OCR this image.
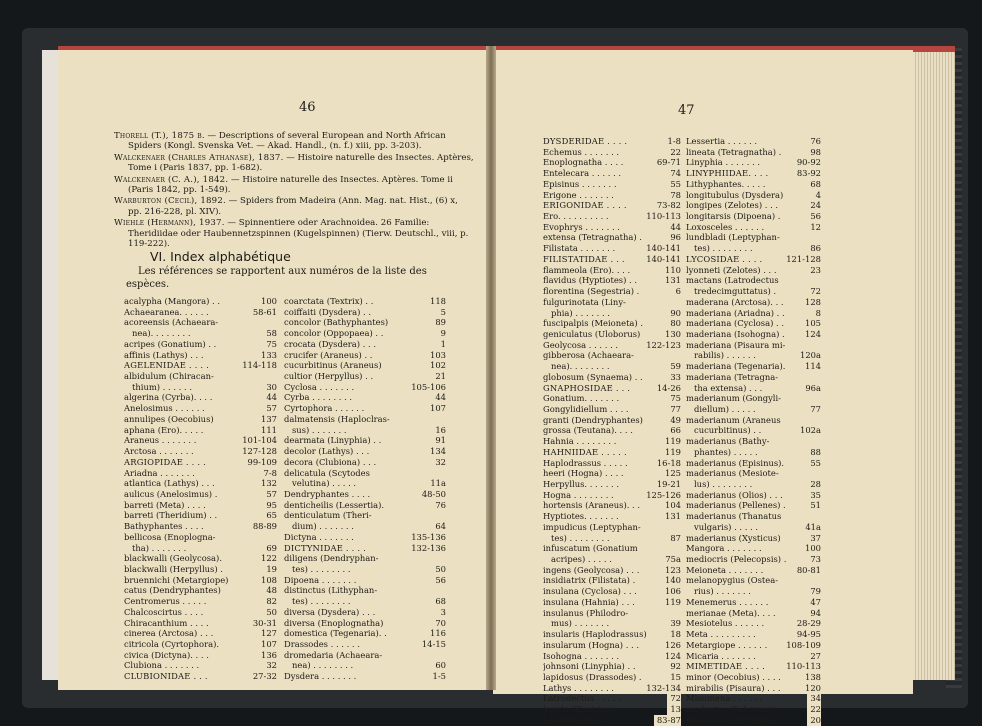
46	47

Thorell (T.), 1875 b. — Descriptions of several European and North African Spiders (Kongl. Svenska Vet. — Akad. Handl., (n. f.) xiii, pp. 3-203).

Walckenaer (Charles Athanase), 1837. — Histoire naturelle des Insectes. Aptères, Tome i (Paris 1837, pp. 1-682).

Walckenaer (C. A.), 1842. — Histoire naturelle des Insectes. Aptères. Tome ii (Paris 1842, pp. 1-549).

Warburton (Cecil), 1892. — Spiders from Madeira (Ann. Mag. nat. Hist., (6) x, pp. 216-228, pl. XIV).

Wiehle (Hermann), 1937. — Spinnentiere oder Arachnoidea. 26 Familie: Theridiidae oder Haubennetzspinnen (Kugelspinnen) (Tierw. Deutschl., viii, p. 119-222).

VI. Index alphabétique
Les références se rapportent aux numéros de la liste des espèces.
acalypha (Mangora) . .	100
Achaearanea. . . . . .	58-61
acoreensis (Achaeara-
nea). . . . . . . .	58
acripes (Gonatium) . .	75
affinis (Lathys) . . .	133
AGELENIDAE . . . .	114-118
albidulum (Chiracan-
thium) . . . . . .	30
algerina (Cyrba). . . .	44
Anelosimus . . . . . .	57
annulipes (Oecobius)	137
aphana (Ero). . . . .	111
Araneus . . . . . . .	101-104
Arctosa . . . . . . .	127-128
ARGIOPIDAE . . . .	99-109
Ariadna . . . . . . .	7-8
atlantica (Lathys) . . .	132
aulicus (Anelosimus) .	57
barreti (Meta) . . . .	95
barreti (Theridium) . .	65
Bathyphantes . . . .	88-89
bellicosa (Enoplogna-
tha) . . . . . . .	69
blackwalli (Geolycosa).	122
blackwalli (Herpyllus) .	19
bruennichi (Metargiope)	108
catus (Dendryphantes)	48
Centromerus . . . . .	82
Chalcoscirtus . . . .	50
Chiracanthium . . . .	30-31
cinerea (Arctosa) . . .	127
citricola (Cyrtophora).	107
civica (Dictyna). . . .	136
Clubiona . . . . . . .	32
CLUBIONIDAE . . .	27-32
coarctata (Textrix) . .	118
coiffaiti (Dysdera) . .	5
concolor (Bathyphantes)	89
concolor (Oppopaea) . .	9
crocata (Dysdera) . . .	1
crucifer (Araneus) . .	103
cucurbitinus (Araneus)	102
cultior (Herpyllus) . .	21
Cyclosa . . . . . . .	105-106
Cyrba . . . . . . . .	44
Cyrtophora . . . . . .	107
dalmatensis (Haploclras-
sus) . . . . . . .	16
dearmata (Linyphia) . .	91
decolor (Lathys) . . .	134
decora (Clubiona) . . .	32
delicatula (Scytodes
velutina) . . . . .	11a
Dendryphantes . . . .	48-50
denticheilis (Lessertia).	76
denticulatum (Theri-
dium) . . . . . . .	64
Dictyna . . . . . . .	135-136
DICTYNIDAE . . . .	132-136
diligens (Dendryphan-
tes) . . . . . . . .	50
Dipoena . . . . . . .	56
distinctus (Lithyphan-
tes) . . . . . . . .	68
diversa (Dysdera) . . .	3
diversa (Enoplognatha)	70
domestica (Tegenaria). .	116
Drassodes . . . . . .	14-15
dromedaria (Achaeara-
nea) . . . . . . . .	60
Dysdera . . . . . . .	1-5
DYSDERIDAE . . . .	1-8
Echemus . . . . . . .	22
Enoplognatha . . . .	69-71
Entelecara . . . . . .	74
Episinus . . . . . . .	55
Erigone . . . . . . .	78
ERIGONIDAE . . . .	73-82
Ero. . . . . . . . . .	110-113
Evophrys . . . . . . .	44
extensa (Tetragnatha) .	96
Filistata . . . . . . .	140-141
FILISTATIDAE . . .	140-141
flammeola (Ero). . . .	110
flavidus (Hyptiotes) . .	131
florentina (Segestria) .	6
fulgurinotata (Liny-
phia) . . . . . . .	90
fuscipalpis (Meioneta) .	80
geniculatus (Uloborus)	130
Geolycosa . . . . . .	122-123
gibberosa (Achaeara-
nea). . . . . . . .	59
globosum (Synaema) . .	33
GNAPHOSIDAE . . .	14-26
Gonatium. . . . . . .	75
Gongylidiellum . . . .	77
granti (Dendryphantes)	49
grossa (Teutana). . . .	66
Hahnia . . . . . . . .	119
HAHNIIDAE . . . . .	119
Haplodrassus . . . . .	16-18
heeri (Hogna) . . . .	125
Herpyllus. . . . . . .	19-21
Hogna . . . . . . . .	125-126
hortensis (Araneus). . .	104
Hyptiotes. . . . . . .	131
impudicus (Leptyphan-
tes) . . . . . . . .	87
infuscatum (Gonatium
acripes) . . . . .	75a
ingens (Geolycosa) . . .	123
insidiatrix (Filistata) .	140
insulana (Cyclosa) . . .	106
insulana (Hahnia) . . .	119
insulanus (Philodro-
mus) . . . . . . .	39
insularis (Haplodrassus)	18
insularum (Hogna) . . .	126
Isohogna . . . . . . .	124
johnsoni (Linyphia) . .	92
lapidosus (Drassodes) .	15
Lathys . . . . . . . .	132-134
Latrodectus . . . . .	72
lepida (Zimirina) . . .	13
Leptyphantes . . . .	83-87
Lessertia . . . . . .	76
lineata (Tetragnatha) .	98
Linyphia . . . . . . .	90-92
LINYPHIIDAE. . . .	83-92
Lithyphantes. . . . .	68
longitubulus (Dysdera)	4
longipes (Zelotes) . . .	24
longitarsis (Dipoena) .	56
Loxosceles . . . . . .	12
lundbladi (Leptyphan-
tes) . . . . . . . .	86
LYCOSIDAE . . . .	121-128
lyonneti (Zelotes) . . .	23
mactans (Latrodectus
tredecimguttatus) .	72
maderana (Arctosa). . .	128
maderiana (Ariadna) . .	8
maderiana (Cyclosa) . .	105
maderiana (Isohogna) .	124
maderiana (Pisaura mi-
rabilis) . . . . . .	120a
maderiana (Tegenaria).	114
maderiana (Tetragna-
tha extensa) . . .	96a
maderianum (Gongyli-
diellum) . . . . .	77
maderianum (Araneus
cucurbitinus) . .	102a
maderianus (Bathy-
phantes) . . . . .	88
maderianus (Episinus).	55
maderianus (Mesiote-
lus) . . . . . . . .	28
maderianus (Olios) . . .	35
maderianus (Pellenes) .	51
maderianus (Thanatus
vulgaris) . . . . .	41a
maderianus (Xysticus)	37
Mangora . . . . . . .	100
mediocris (Pelecopsis) .	73
Meioneta . . . . . . .	80-81
melanopygius (Ostea-
rius) . . . . . . .	79
Menemerus . . . . . .	47
merianae (Meta). . . .	94
Mesiotelus . . . . . .	28-29
Meta . . . . . . . . .	94-95
Metargiope . . . . . .	108-109
Micaria . . . . . . .	27
MIMETIDAE . . . .	110-113
minor (Oecobius) . . . .	138
mirabilis (Pisaura) . . .	120
Misumena . . . . . .	34
modestus (Echemus) . .	22
musculus (Herpyllus) .	20
